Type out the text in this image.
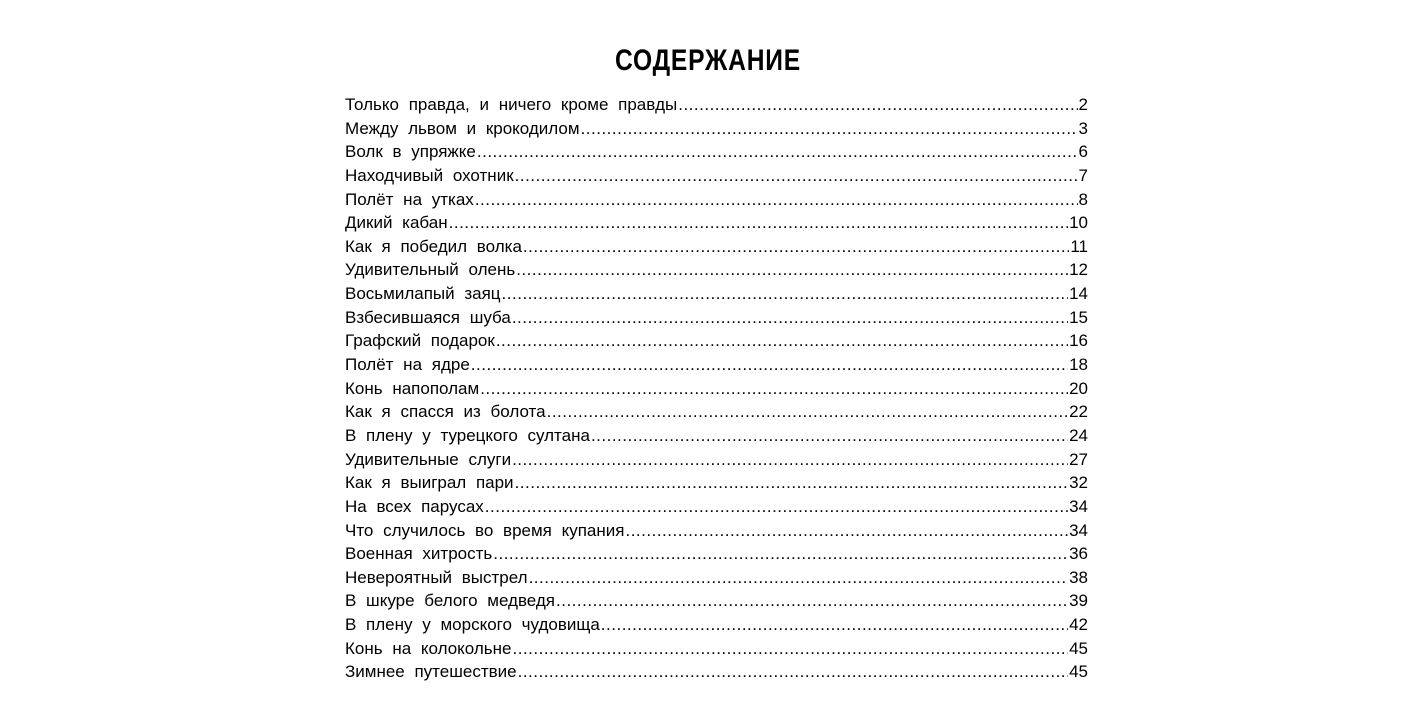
СОДЕРЖАНИЕ
Только правда, и ничего кроме правды .....	2
Между львом и крокодилом .....	3
Волк в упряжке .....	6
Находчивый охотник .....	7
Полёт на утках .....	8
Дикий кабан .....	10
Как я победил волка .....	11
Удивительный олень .....	12
Восьмилапый заяц .....	14
Взбесившаяся шуба .....	15
Графский подарок .....	16
Полёт на ядре .....	18
Конь напополам .....	20
Как я спасся из болота .....	22
В плену у турецкого султана .....	24
Удивительные слуги .....	27
Как я выиграл пари .....	32
На всех парусах .....	34
Что случилось во время купания .....	34
Военная хитрость .....	36
Невероятный выстрел .....	38
В шкуре белого медведя .....	39
В плену у морского чудовища .....	42
Конь на колокольне .....	45
Зимнее путешествие .....	45
